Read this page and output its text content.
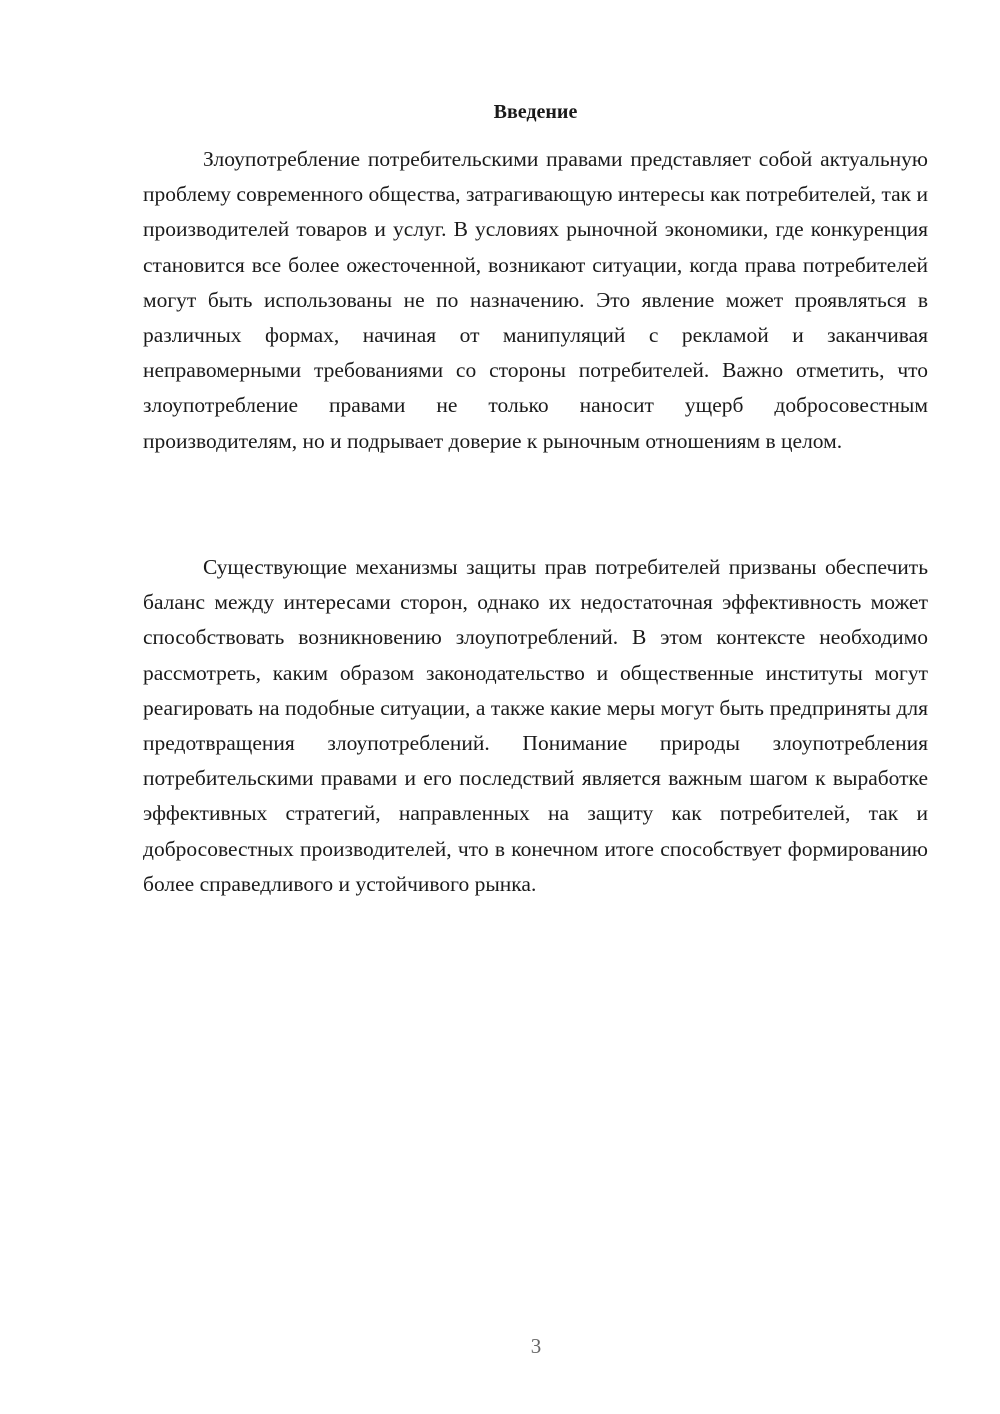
Введение

Злоупотребление потребительскими правами представляет собой актуальную проблему современного общества, затрагивающую интересы как потребителей, так и производителей товаров и услуг. В условиях рыночной экономики, где конкуренция становится все более ожесточенной, возникают ситуации, когда права потребителей могут быть использованы не по назначению. Это явление может проявляться в различных формах, начиная от манипуляций с рекламой и заканчивая неправомерными требованиями со стороны потребителей. Важно отметить, что злоупотребление правами не только наносит ущерб добросовестным производителям, но и подрывает доверие к рыночным отношениям в целом.

Существующие механизмы защиты прав потребителей призваны обеспечить баланс между интересами сторон, однако их недостаточная эффективность может способствовать возникновению злоупотреблений. В этом контексте необходимо рассмотреть, каким образом законодательство и общественные институты могут реагировать на подобные ситуации, а также какие меры могут быть предприняты для предотвращения злоупотреблений. Понимание природы злоупотребления потребительскими правами и его последствий является важным шагом к выработке эффективных стратегий, направленных на защиту как потребителей, так и добросовестных производителей, что в конечном итоге способствует формированию более справедливого и устойчивого рынка.

3
